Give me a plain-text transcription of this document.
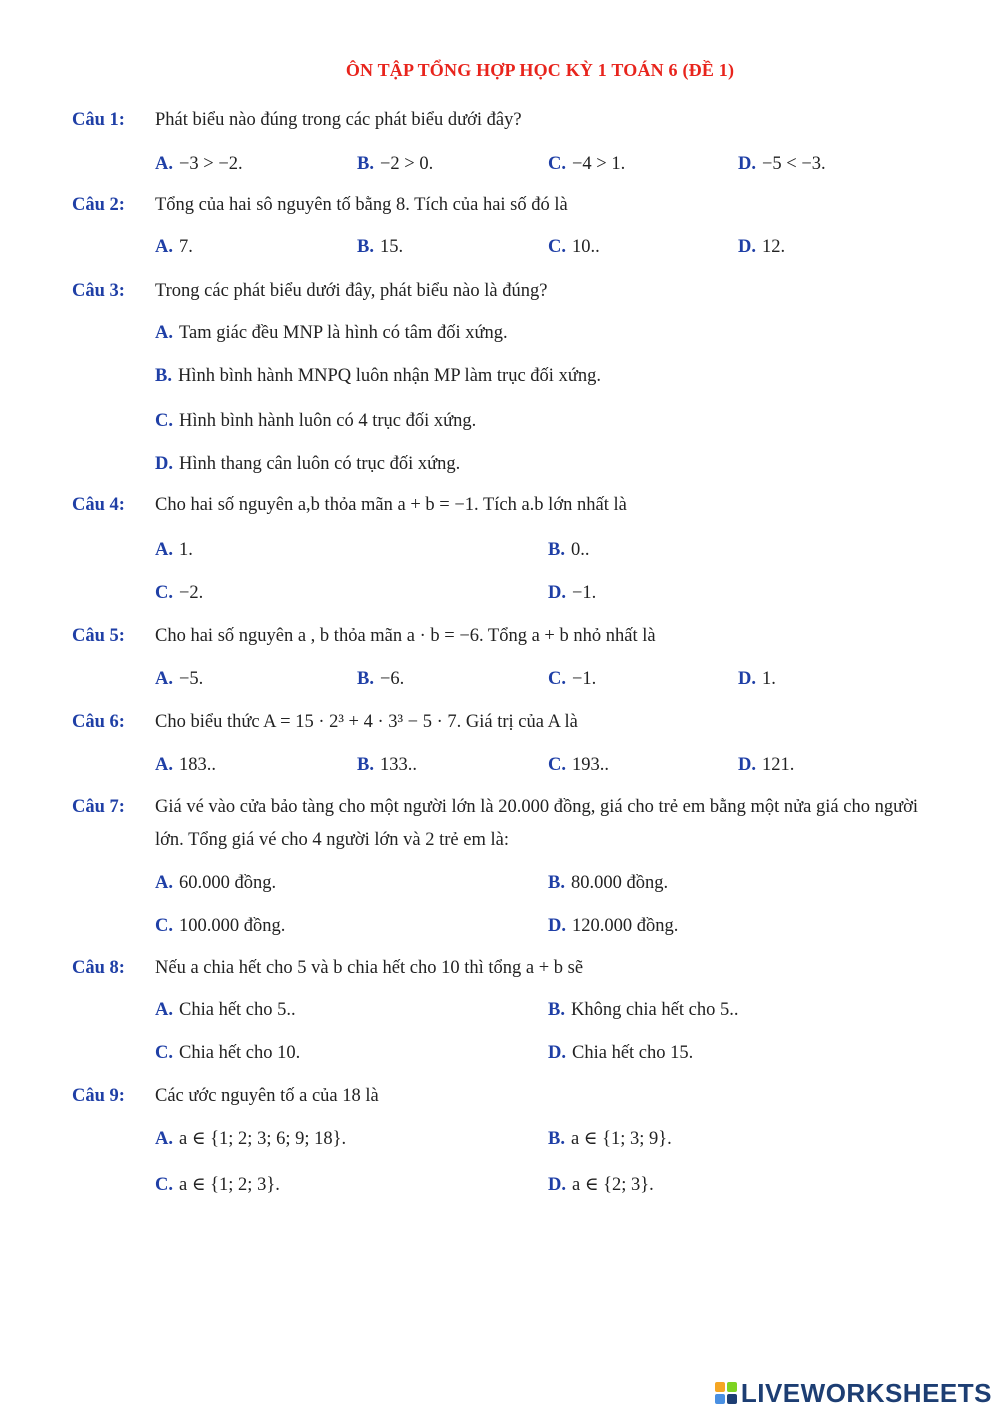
ÔN TẬP TỔNG HỢP HỌC KỲ 1 TOÁN 6 (ĐỀ 1)
Câu 1:	Phát biểu nào đúng trong các phát biểu dưới đây?
A. −3 > −2.	B. −2 > 0.	C. −4 > 1.	D. −5 < −3.
Câu 2:	Tổng của hai sô nguyên tố bằng 8. Tích của hai số đó là
A. 7.	B. 15.	C. 10..	D. 12.
Câu 3:	Trong các phát biểu dưới đây, phát biểu nào là đúng?
A. Tam giác đều MNP là hình có tâm đối xứng.
B. Hình bình hành MNPQ luôn nhận MP làm trục đối xứng.
C. Hình bình hành luôn có 4 trục đối xứng.
D. Hình thang cân luôn có trục đối xứng.
Câu 4:	Cho hai số nguyên a,b thỏa mãn a + b = −1. Tích a.b lớn nhất là
A. 1.	B. 0..
C. −2.	D. −1.
Câu 5:	Cho hai số nguyên a , b thỏa mãn a · b = −6. Tổng a + b nhỏ nhất là
A. −5.	B. −6.	C. −1.	D. 1.
Câu 6:	Cho biểu thức A = 15 · 2³ + 4 · 3³ − 5 · 7. Giá trị của A là
A. 183..	B. 133..	C. 193..	D. 121.
Câu 7:	Giá vé vào cửa bảo tàng cho một người lớn là 20.000 đồng, giá cho trẻ em bằng một nửa giá cho người lớn. Tổng giá vé cho 4 người lớn và 2 trẻ em là:
A. 60.000 đồng.	B. 80.000 đồng.
C. 100.000 đồng.	D. 120.000 đồng.
Câu 8:	Nếu a chia hết cho 5 và b chia hết cho 10 thì tổng a + b sẽ
A. Chia hết cho 5..	B. Không chia hết cho 5..
C. Chia hết cho 10.	D. Chia hết cho 15.
Câu 9:	Các ước nguyên tố a của 18 là
A. a ∈ {1; 2; 3; 6; 9; 18}.	B. a ∈ {1; 3; 9}.
C. a ∈ {1; 2; 3}.	D. a ∈ {2; 3}.
LIVEWORKSHEETS
